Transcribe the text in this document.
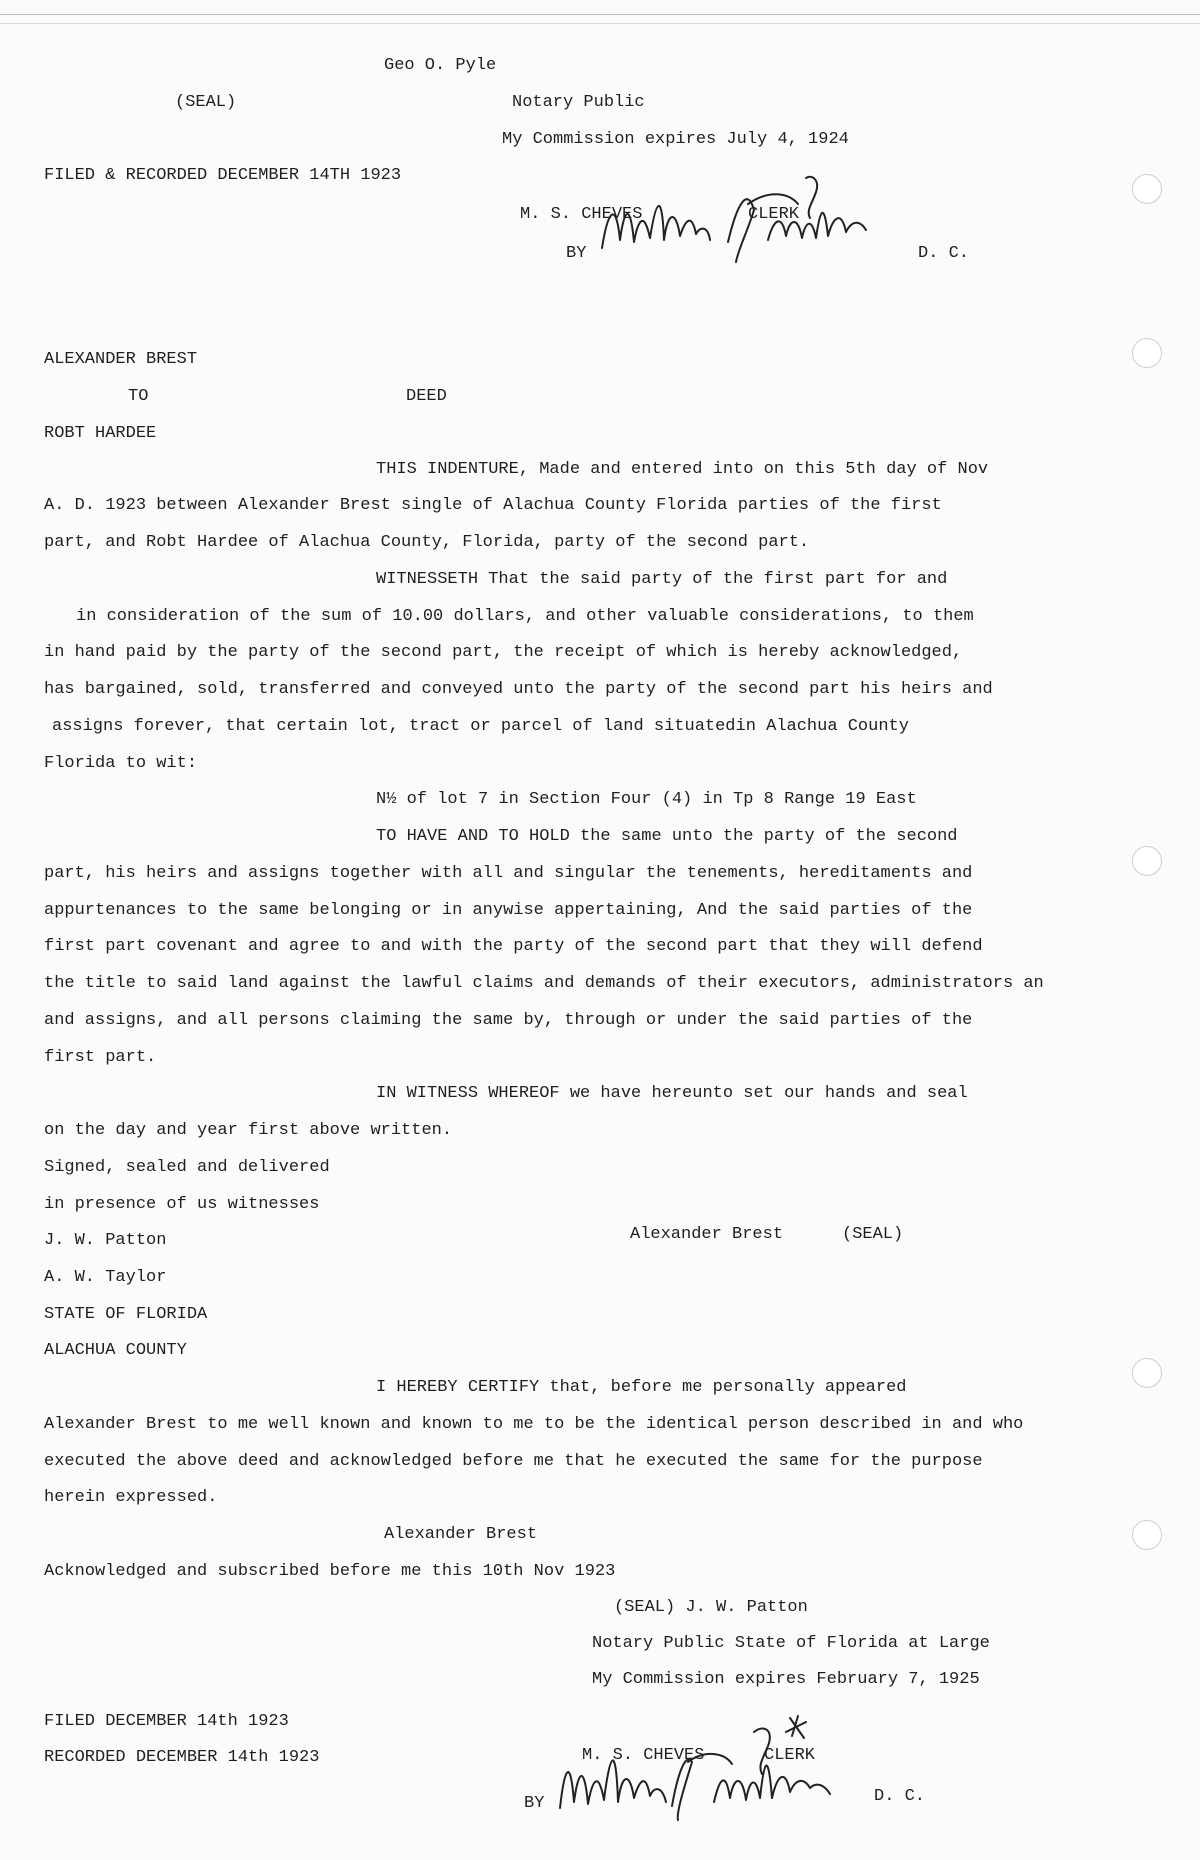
Geo O. Pyle
(SEAL)	Notary Public
My Commission expires July 4, 1924
FILED & RECORDED DECEMBER 14TH 1923
M. S. CHEVES	CLERK
BY	D. C.
ALEXANDER BREST
TO	DEED
ROBT HARDEE
THIS INDENTURE, Made and entered into on this 5th day of Nov
A. D. 1923 between Alexander Brest single of Alachua County Florida parties of the first
part, and Robt Hardee of Alachua County, Florida, party of the second part.
WITNESSETH That the said party of the first part for and
in consideration of the sum of 10.00 dollars, and other valuable considerations, to them
in hand paid by the party of the second part, the receipt of which is hereby acknowledged,
has bargained, sold, transferred and conveyed unto the party of the second part his heirs and
assigns forever, that certain lot, tract or parcel of land situatedin Alachua County
Florida to wit:
N½ of lot 7 in Section Four (4) in Tp 8 Range 19 East
TO HAVE AND TO HOLD the same unto the party of the second
part, his heirs and assigns together with all and singular the tenements, hereditaments and
appurtenances to the same belonging or in anywise appertaining, And the said parties of the
first part covenant and agree to and with the party of the second part that they will defend
the title to said land against the lawful claims and demands of their executors, administrators an
and assigns, and all persons claiming the same by, through or under the said parties of the
first part.
IN WITNESS WHEREOF we have hereunto set our hands and seal
on the day and year first above written.
Signed, sealed and delivered
in presence of us witnesses
J. W. Patton	Alexander Brest	(SEAL)
A. W. Taylor
STATE OF FLORIDA
ALACHUA COUNTY
I HEREBY CERTIFY that, before me personally appeared
Alexander Brest to me well known and known to me to be the identical person described in and who
executed the above deed and acknowledged before me that he executed the same for the purpose
herein expressed.
Alexander Brest
Acknowledged and subscribed before me this 10th Nov 1923
(SEAL) J. W. Patton
Notary Public State of Florida at Large
My Commission expires February 7, 1925
FILED DECEMBER 14th 1923
RECORDED DECEMBER 14th 1923	M. S. CHEVES	CLERK
BY	D. C.
